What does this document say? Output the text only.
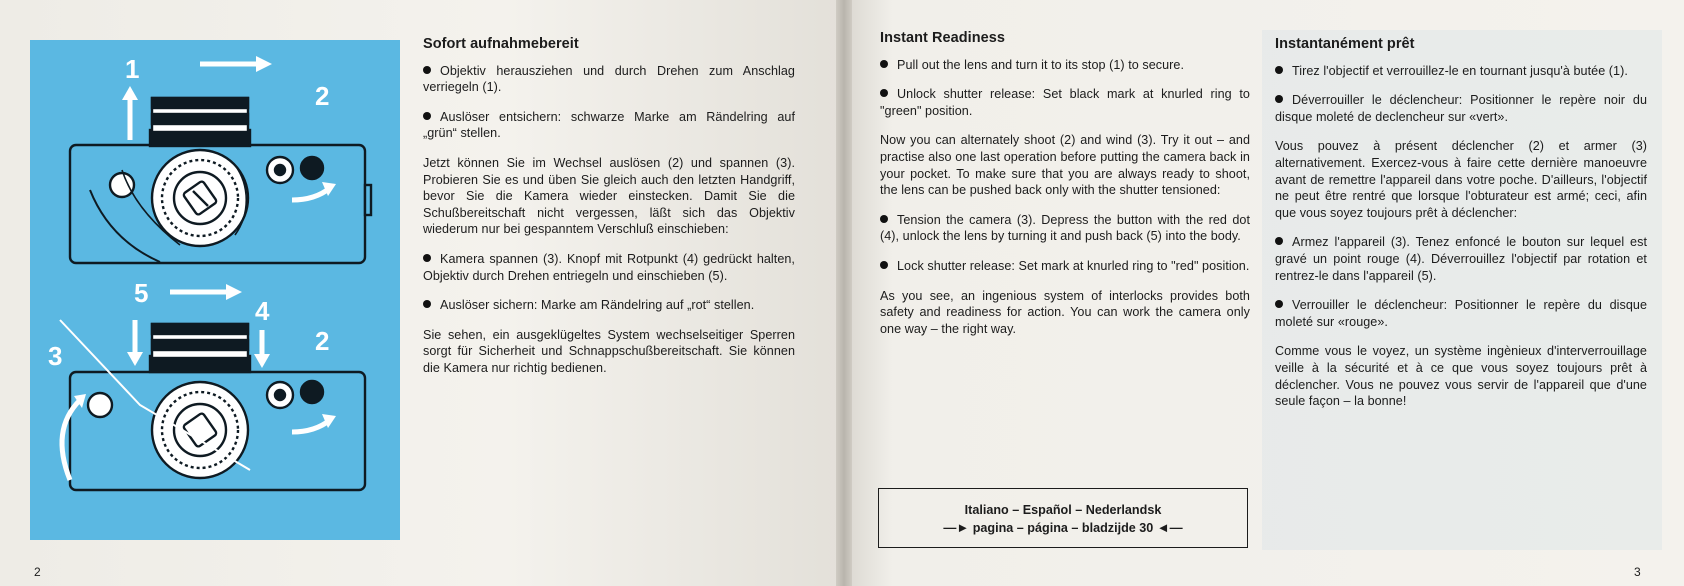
1
2
5
4
3	2
Sofort aufnahmebereit

Objektiv herausziehen und durch Drehen zum Anschlag verriegeln (1).

Auslöser entsichern: schwarze Marke am Rändelring auf „grün“ stellen.

Jetzt können Sie im Wechsel auslösen (2) und spannen (3). Probieren Sie es und üben Sie gleich auch den letzten Handgriff, bevor Sie die Kamera wieder einstecken. Damit Sie die Schußbereitschaft nicht vergessen, läßt sich das Objektiv wiederum nur bei gespanntem Verschluß einschieben:

Kamera spannen (3). Knopf mit Rotpunkt (4) gedrückt halten, Objektiv durch Drehen entriegeln und einschieben (5).

Auslöser sichern: Marke am Rändelring auf „rot“ stellen.

Sie sehen, ein ausgeklügeltes System wechselseitiger Sperren sorgt für Sicherheit und Schnappschußbereitschaft. Sie können die Kamera nur richtig bedienen.

2
Instant Readiness

Pull out the lens and turn it to its stop (1) to secure.

Unlock shutter release: Set black mark at knurled ring to "green" position.

Now you can alternately shoot (2) and wind (3). Try it out – and practise also one last operation before putting the camera back in your pocket. To make sure that you are always ready to shoot, the lens can be pushed back only with the shutter tensioned:

Tension the camera (3). Depress the button with the red dot (4), unlock the lens by turning it and push back (5) into the body.

Lock shutter release: Set mark at knurled ring to "red" position.

As you see, an ingenious system of interlocks provides both safety and readiness for action. You can work the camera only one way – the right way.

Italiano – Español – Nederlandsk
—► pagina – página – bladzijde 30 ◄—
Instantanément prêt

Tirez l'objectif et verrouillez-le en tournant jusqu'à butée (1).

Déverrouiller le déclencheur: Positionner le repère noir du disque moleté de declencheur sur «vert».

Vous pouvez à présent déclencher (2) et armer (3) alternativement. Exercez-vous à faire cette dernière manoeuvre avant de remettre l'appareil dans votre poche. D'ailleurs, l'objectif ne peut être rentré que lorsque l'obturateur est armé; ceci, afin que vous soyez toujours prêt à déclencher:

Armez l'appareil (3). Tenez enfoncé le bouton sur lequel est gravé un point rouge (4). Déverrouillez l'objectif par rotation et rentrez-le dans l'appareil (5).

Verrouiller le déclencheur: Positionner le repère du disque moleté sur «rouge».

Comme vous le voyez, un système ingènieux d'interverrouillage veille à la sécurité et à ce que vous soyez toujours prêt à déclencher. Vous ne pouvez vous servir de l'appareil que d'une seule façon – la bonne!

3
